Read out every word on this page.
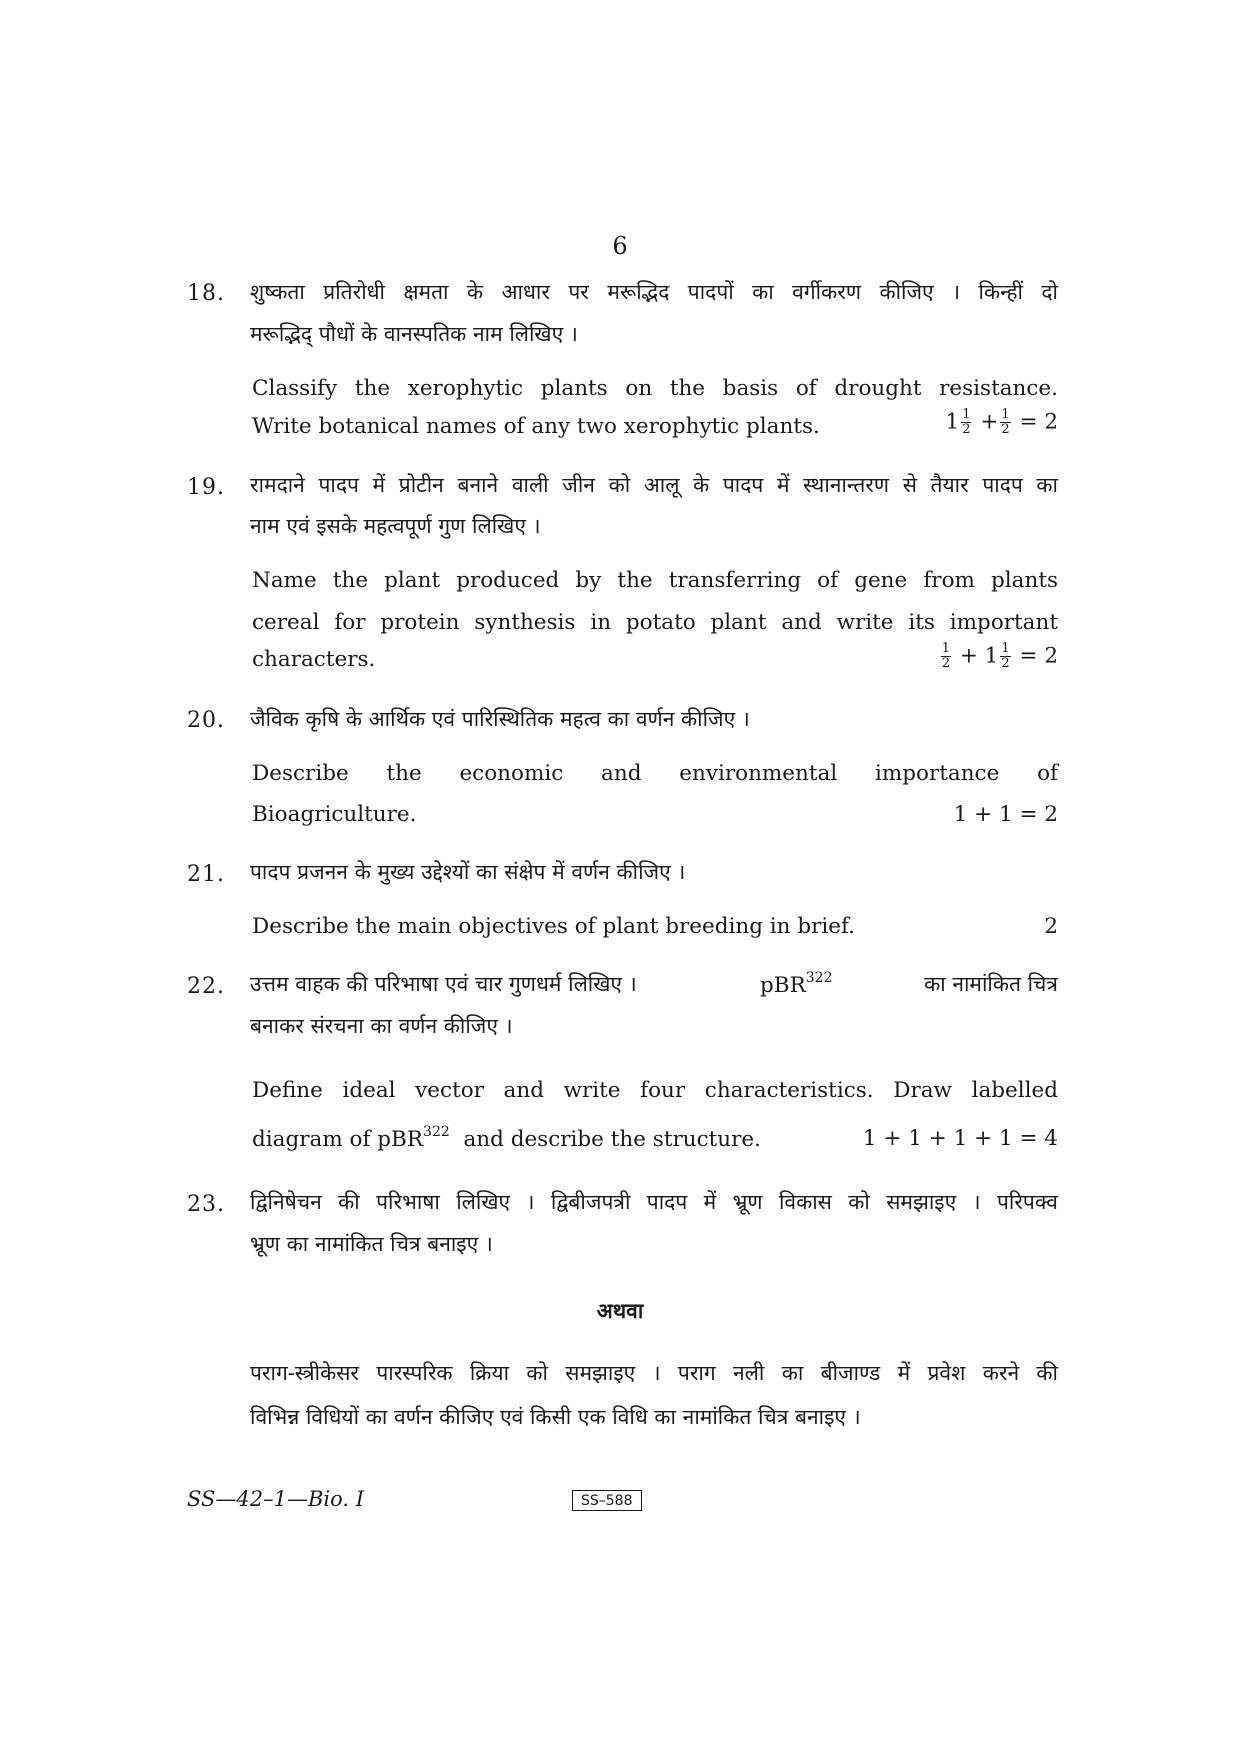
6
18. शुष्कता प्रतिरोधी क्षमता के आधार पर मरूद्भिद पादपों का वर्गीकरण कीजिए । किन्हीं दो
मरूद्भिद् पौधों के वानस्पतिक नाम लिखिए ।
Classify the xerophytic plants on the basis of drought resistance.
Write botanical names of any two xerophytic plants.	$1 \frac{1}{2} + \frac{1}{2} = 2$
19. रामदाने पादप में प्रोटीन बनाने वाली जीन को आलू के पादप में स्थानान्तरण से तैयार पादप का
नाम एवं इसके महत्वपूर्ण गुण लिखिए ।
Name the plant produced by the transferring of gene from plants
cereal for protein synthesis in potato plant and write its important
characters.	$\frac{1}{2} + 1 \frac{1}{2} = 2$
20. जैविक कृषि के आर्थिक एवं पारिस्थितिक महत्व का वर्णन कीजिए ।
Describe the economic and environmental importance of
Bioagriculture.	1 + 1 = 2
21. पादप प्रजनन के मुख्य उद्देश्यों का संक्षेप में वर्णन कीजिए ।
Describe the main objectives of plant breeding in brief.	2
22. उत्तम वाहक की परिभाषा एवं चार गुणधर्म लिखिए ।	pBR$^{322}$	का नामांकित चित्र
बनाकर संरचना का वर्णन कीजिए ।
Define ideal vector and write four characteristics. Draw labelled
diagram of pBR$^{322}$ and describe the structure.	1 + 1 + 1 + 1 = 4
23. द्विनिषेचन की परिभाषा लिखिए । द्विबीजपत्री पादप में भ्रूण विकास को समझाइए । परिपक्व
भ्रूण का नामांकित चित्र बनाइए ।
अथवा
पराग-स्त्रीकेसर पारस्परिक क्रिया को समझाइए । पराग नली का बीजाण्ड में प्रवेश करने की
विभिन्न विधियों का वर्णन कीजिए एवं किसी एक विधि का नामांकित चित्र बनाइए ।
SS—42–1—Bio. I	SS–588
